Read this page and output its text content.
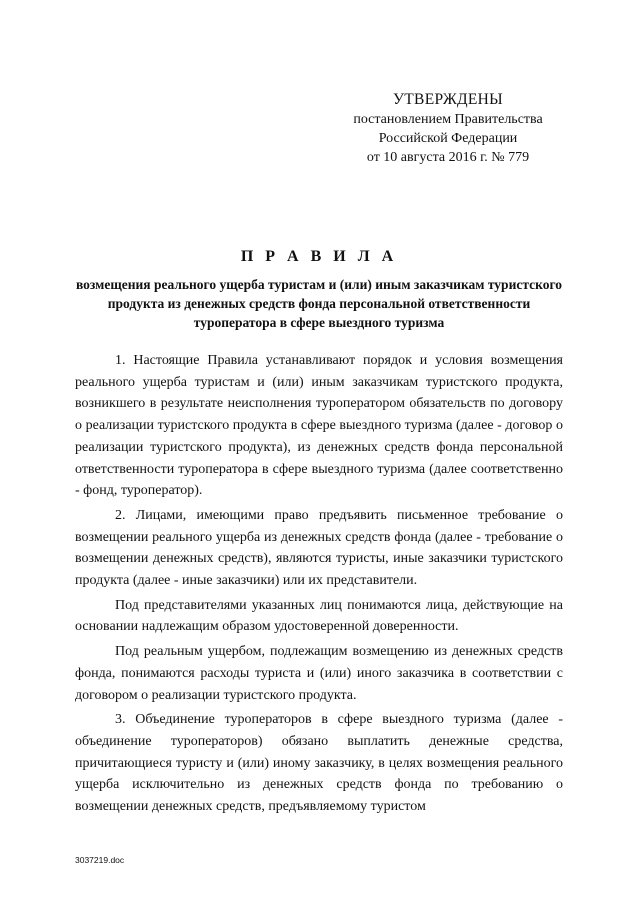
УТВЕРЖДЕНЫ
постановлением Правительства
Российской Федерации
от 10 августа 2016 г. № 779
П Р А В И Л А
возмещения реального ущерба туристам и (или) иным заказчикам туристского продукта из денежных средств фонда персональной ответственности туроператора в сфере выездного туризма

1. Настоящие Правила устанавливают порядок и условия возмещения реального ущерба туристам и (или) иным заказчикам туристского продукта, возникшего в результате неисполнения туроператором обязательств по договору о реализации туристского продукта в сфере выездного туризма (далее - договор о реализации туристского продукта), из денежных средств фонда персональной ответственности туроператора в сфере выездного туризма (далее соответственно - фонд, туроператор).

2. Лицами, имеющими право предъявить письменное требование о возмещении реального ущерба из денежных средств фонда (далее - требование о возмещении денежных средств), являются туристы, иные заказчики туристского продукта (далее - иные заказчики) или их представители.

Под представителями указанных лиц понимаются лица, действующие на основании надлежащим образом удостоверенной доверенности.

Под реальным ущербом, подлежащим возмещению из денежных средств фонда, понимаются расходы туриста и (или) иного заказчика в соответствии с договором о реализации туристского продукта.

3. Объединение туроператоров в сфере выездного туризма (далее - объединение туроператоров) обязано выплатить денежные средства, причитающиеся туристу и (или) иному заказчику, в целях возмещения реального ущерба исключительно из денежных средств фонда по требованию о возмещении денежных средств, предъявляемому туристом

3037219.doc
